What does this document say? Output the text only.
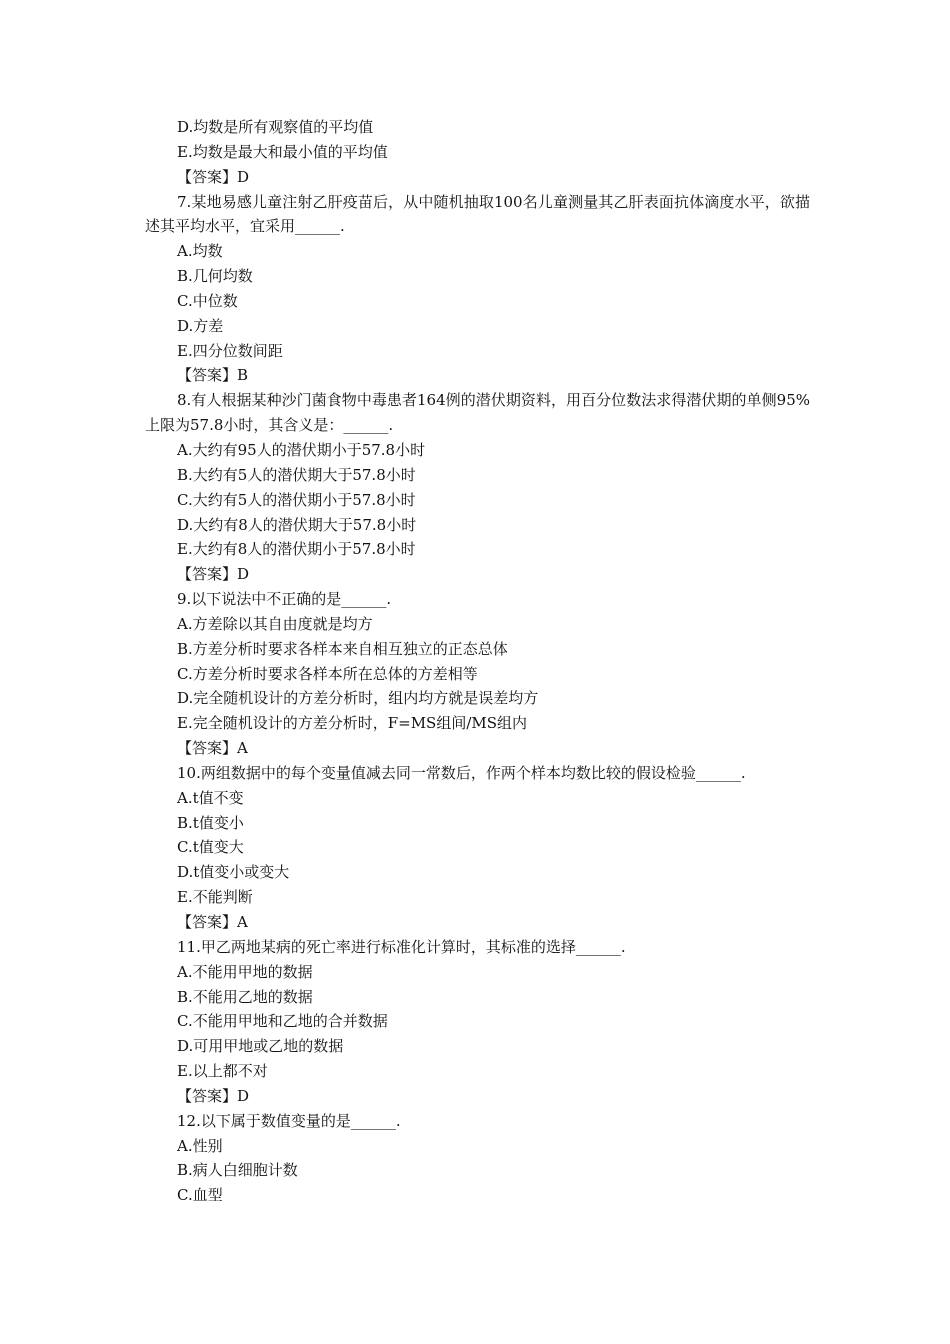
D.均数是所有观察值的平均值
E.均数是最大和最小值的平均值
【答案】D
7.某地易感儿童注射乙肝疫苗后，从中随机抽取100名儿童测量其乙肝表面抗体滴度水平，欲描述其平均水平，宜采用______.
A.均数
B.几何均数
C.中位数
D.方差
E.四分位数间距
【答案】B
8.有人根据某种沙门菌食物中毒患者164例的潜伏期资料，用百分位数法求得潜伏期的单侧95%上限为57.8小时，其含义是：______.
A.大约有95人的潜伏期小于57.8小时
B.大约有5人的潜伏期大于57.8小时
C.大约有5人的潜伏期小于57.8小时
D.大约有8人的潜伏期大于57.8小时
E.大约有8人的潜伏期小于57.8小时
【答案】D
9.以下说法中不正确的是______.
A.方差除以其自由度就是均方
B.方差分析时要求各样本来自相互独立的正态总体
C.方差分析时要求各样本所在总体的方差相等
D.完全随机设计的方差分析时，组内均方就是误差均方
E.完全随机设计的方差分析时，F=MS组间/MS组内
【答案】A
10.两组数据中的每个变量值减去同一常数后，作两个样本均数比较的假设检验______.
A.t值不变
B.t值变小
C.t值变大
D.t值变小或变大
E.不能判断
【答案】A
11.甲乙两地某病的死亡率进行标准化计算时，其标准的选择______.
A.不能用甲地的数据
B.不能用乙地的数据
C.不能用甲地和乙地的合并数据
D.可用甲地或乙地的数据
E.以上都不对
【答案】D
12.以下属于数值变量的是______.
A.性别
B.病人白细胞计数
C.血型
